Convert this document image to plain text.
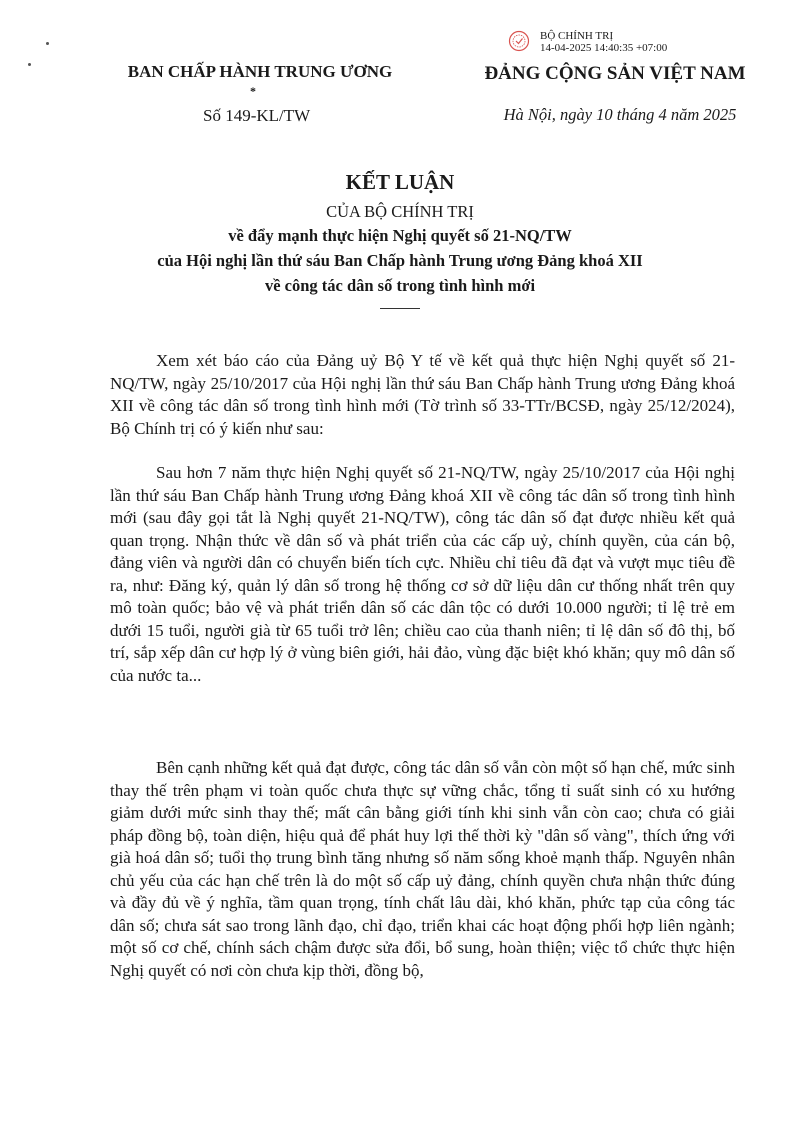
BAN CHẤP HÀNH TRUNG ƯƠNG
*
Số 149-KL/TW
BỘ CHÍNH TRỊ
14-04-2025 14:40:35 +07:00
ĐẢNG CỘNG SẢN VIỆT NAM
Hà Nội, ngày 10 tháng 4 năm 2025
KẾT LUẬN
CỦA BỘ CHÍNH TRỊ
về đẩy mạnh thực hiện Nghị quyết số 21-NQ/TW
của Hội nghị lần thứ sáu Ban Chấp hành Trung ương Đảng khoá XII
về công tác dân số trong tình hình mới
Xem xét báo cáo của Đảng uỷ Bộ Y tế về kết quả thực hiện Nghị quyết số 21-NQ/TW, ngày 25/10/2017 của Hội nghị lần thứ sáu Ban Chấp hành Trung ương Đảng khoá XII về công tác dân số trong tình hình mới (Tờ trình số 33-TTr/BCSĐ, ngày 25/12/2024), Bộ Chính trị có ý kiến như sau:
Sau hơn 7 năm thực hiện Nghị quyết số 21-NQ/TW, ngày 25/10/2017 của Hội nghị lần thứ sáu Ban Chấp hành Trung ương Đảng khoá XII về công tác dân số trong tình hình mới (sau đây gọi tắt là Nghị quyết 21-NQ/TW), công tác dân số đạt được nhiều kết quả quan trọng. Nhận thức về dân số và phát triển của các cấp uỷ, chính quyền, của cán bộ, đảng viên và người dân có chuyển biến tích cực. Nhiều chỉ tiêu đã đạt và vượt mục tiêu đề ra, như: Đăng ký, quản lý dân số trong hệ thống cơ sở dữ liệu dân cư thống nhất trên quy mô toàn quốc; bảo vệ và phát triển dân số các dân tộc có dưới 10.000 người; tỉ lệ trẻ em dưới 15 tuổi, người già từ 65 tuổi trở lên; chiều cao của thanh niên; tỉ lệ dân số đô thị, bố trí, sắp xếp dân cư hợp lý ở vùng biên giới, hải đảo, vùng đặc biệt khó khăn; quy mô dân số của nước ta...
Bên cạnh những kết quả đạt được, công tác dân số vẫn còn một số hạn chế, mức sinh thay thế trên phạm vi toàn quốc chưa thực sự vững chắc, tổng tỉ suất sinh có xu hướng giảm dưới mức sinh thay thế; mất cân bằng giới tính khi sinh vẫn còn cao; chưa có giải pháp đồng bộ, toàn diện, hiệu quả để phát huy lợi thế thời kỳ "dân số vàng", thích ứng với già hoá dân số; tuổi thọ trung bình tăng nhưng số năm sống khoẻ mạnh thấp. Nguyên nhân chủ yếu của các hạn chế trên là do một số cấp uỷ đảng, chính quyền chưa nhận thức đúng và đầy đủ về ý nghĩa, tầm quan trọng, tính chất lâu dài, khó khăn, phức tạp của công tác dân số; chưa sát sao trong lãnh đạo, chỉ đạo, triển khai các hoạt động phối hợp liên ngành; một số cơ chế, chính sách chậm được sửa đổi, bổ sung, hoàn thiện; việc tổ chức thực hiện Nghị quyết có nơi còn chưa kịp thời, đồng bộ,
